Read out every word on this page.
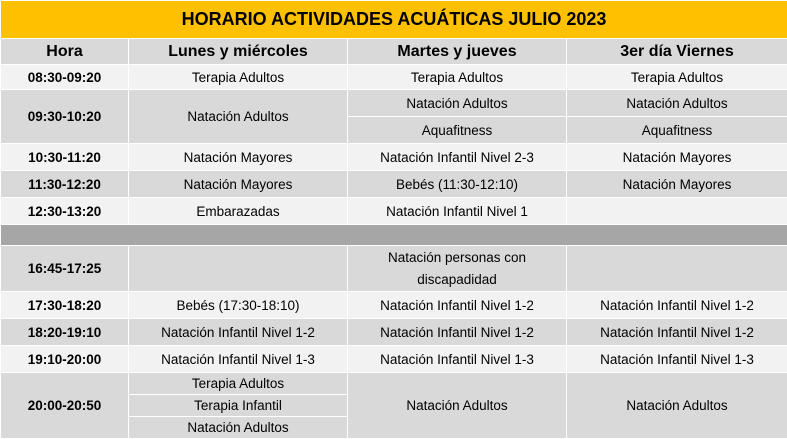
HORARIO ACTIVIDADES ACUÁTICAS JULIO 2023			
Hora	Lunes y miércoles	Martes y jueves	3er día Viernes
08:30-09:20	Terapia Adultos	Terapia Adultos	Terapia Adultos
09:30-10:20	Natación Adultos	Natación Adultos	Natación Adultos
		Aquafitness	Aquafitness
10:30-11:20	Natación Mayores	Natación Infantil Nivel 2-3	Natación Mayores
11:30-12:20	Natación Mayores	Bebés (11:30-12:10)	Natación Mayores
12:30-13:20	Embarazadas	Natación Infantil Nivel 1	

16:45-17:25		Natación personas con discapadidad	
17:30-18:20	Bebés (17:30-18:10)	Natación Infantil Nivel 1-2	Natación Infantil Nivel 1-2
18:20-19:10	Natación Infantil Nivel 1-2	Natación Infantil Nivel 1-2	Natación Infantil Nivel 1-2
19:10-20:00	Natación Infantil Nivel 1-3	Natación Infantil Nivel 1-3	Natación Infantil Nivel 1-3
20:00-20:50	Terapia Adultos	Natación Adultos	Natación Adultos
	Terapia Infantil		
	Natación Adultos		
